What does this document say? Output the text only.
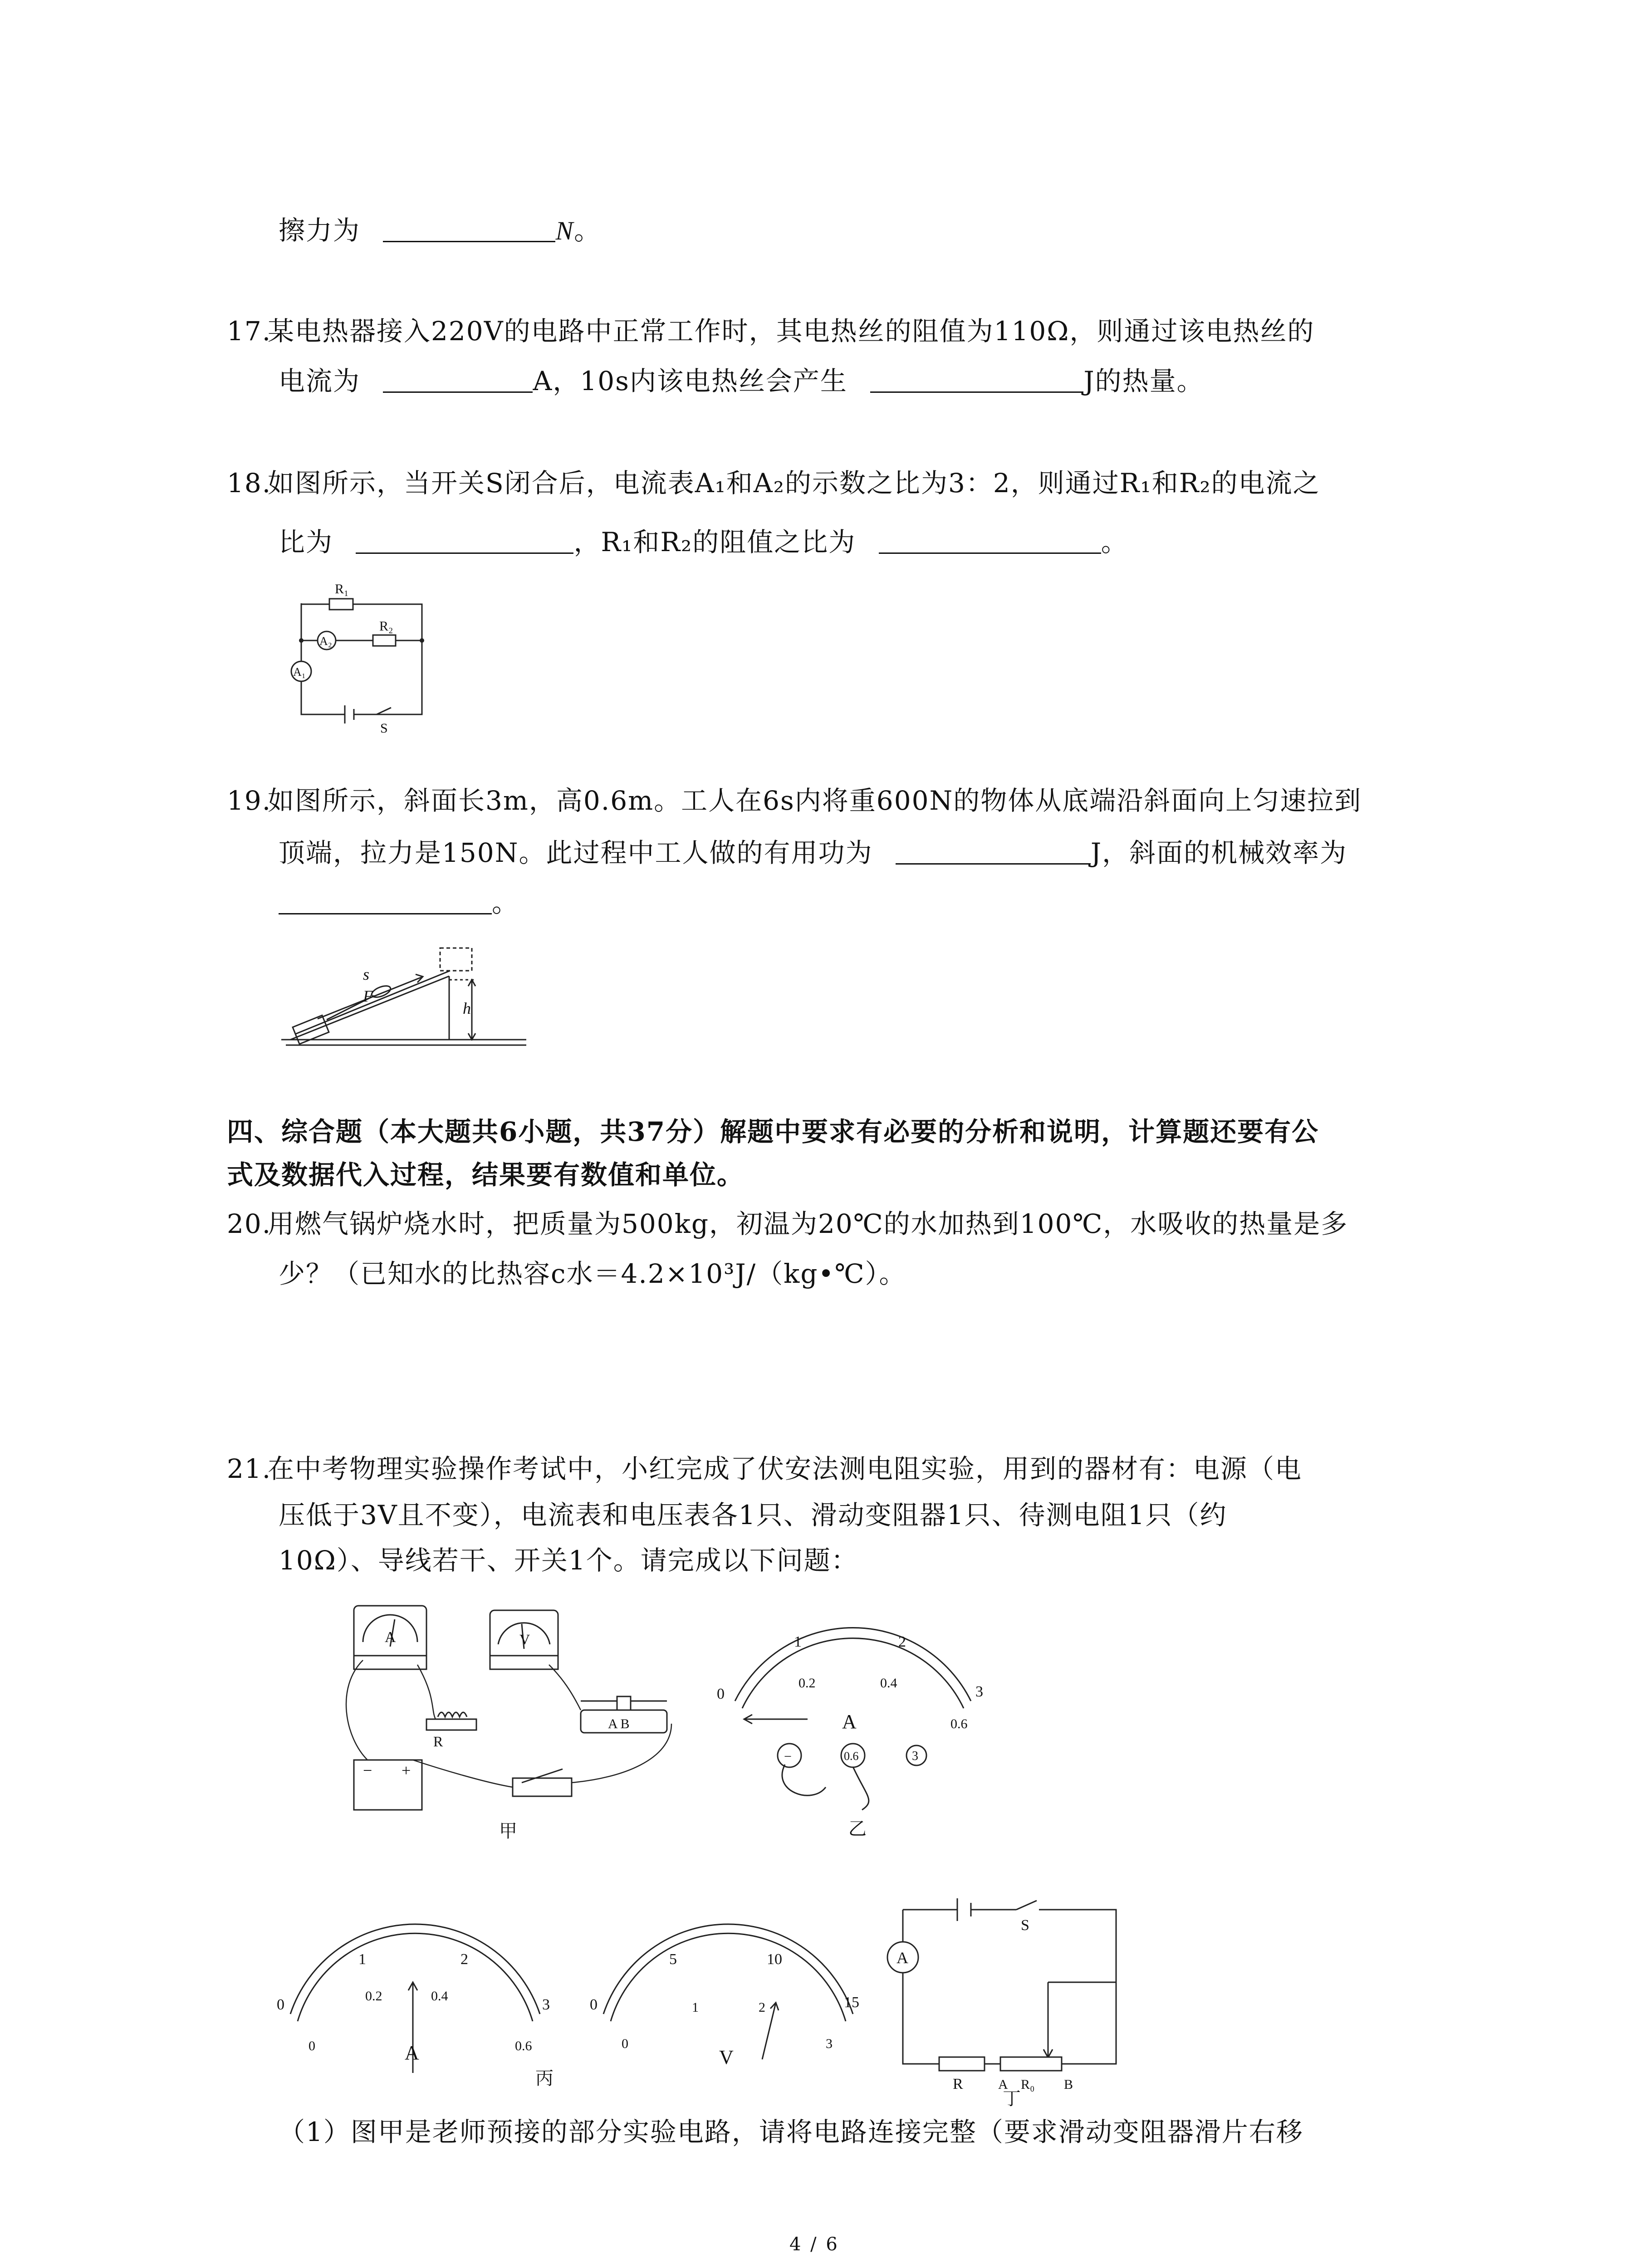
擦力为	N。
17.某电热器接入220V的电路中正常工作时，其电热丝的阻值为110Ω，则通过该电热丝的
电流为	A，10s内该电热丝会产生	J的热量。
18.如图所示，当开关S闭合后，电流表A₁和A₂的示数之比为3：2，则通过R₁和R₂的电流之
比为	，R₁和R₂的阻值之比为	。
R₁
R₂
A₂
A₁
S
19.如图所示，斜面长3m，高0.6m。工人在6s内将重600N的物体从底端沿斜面向上匀速拉到
顶端，拉力是150N。此过程中工人做的有用功为	J，斜面的机械效率为
。
s
F
h
四、综合题（本大题共6小题，共37分）解题中要求有必要的分析和说明，计算题还要有公
式及数据代入过程，结果要有数值和单位。
20.用燃气锅炉烧水时，把质量为500kg，初温为20℃的水加热到100℃，水吸收的热量是多
少？（已知水的比热容c水＝4.2×10³J/（kg•℃）。
21.在中考物理实验操作考试中，小红完成了伏安法测电阻实验，用到的器材有：电源（电
压低于3V且不变），电流表和电压表各1只、滑动变阻器1只、待测电阻1只（约
10Ω）、导线若干、开关1个。请完成以下问题：
A	V
R
A B
− +
甲
0
1	2
3
0.2	0.4
0.6
A
−	0.6	3
乙
0
1	2
3
0.2	0.4
0	0.6
A
丙
0
5	10
15
0
1	2
3
V
A
S
R	A R₀ B
丁
（1）图甲是老师预接的部分实验电路，请将电路连接完整（要求滑动变阻器滑片右移
4 / 6
